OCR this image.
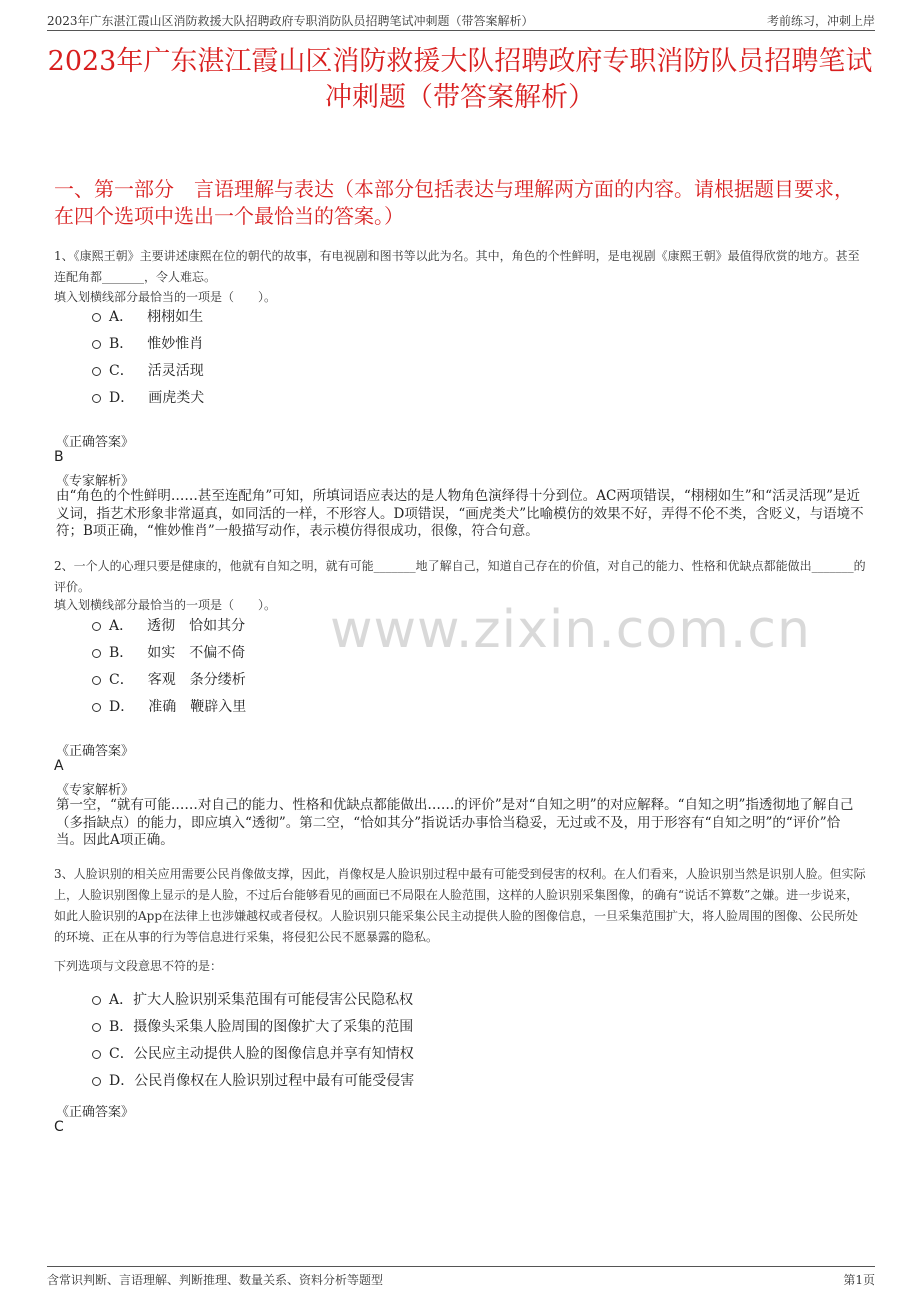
2023年广东湛江霞山区消防救援大队招聘政府专职消防队员招聘笔试冲刺题（带答案解析）	考前练习，冲刺上岸
2023年广东湛江霞山区消防救援大队招聘政府专职消防队员招聘笔试冲刺题（带答案解析）
一、第一部分　言语理解与表达（本部分包括表达与理解两方面的内容。请根据题目要求，在四个选项中选出一个最恰当的答案。）
www.zixin.com.cn
1、《康熙王朝》主要讲述康熙在位的朝代的故事，有电视剧和图书等以此为名。其中，角色的个性鲜明，是电视剧《康熙王朝》最值得欣赏的地方。甚至连配角都_______，令人难忘。
填入划横线部分最恰当的一项是（　　）。
A． 栩栩如生
B． 惟妙惟肖
C． 活灵活现
D． 画虎类犬
《正确答案》
B
《专家解析》
由“角色的个性鲜明……甚至连配角”可知，所填词语应表达的是人物角色演绎得十分到位。AC两项错误，“栩栩如生”和“活灵活现”是近义词，指艺术形象非常逼真，如同活的一样，不形容人。D项错误，“画虎类犬”比喻模仿的效果不好，弄得不伦不类，含贬义，与语境不符；B项正确，“惟妙惟肖”一般描写动作，表示模仿得很成功，很像，符合句意。
2、一个人的心理只要是健康的，他就有自知之明，就有可能_______地了解自己，知道自己存在的价值，对自己的能力、性格和优缺点都能做出_______的评价。
填入划横线部分最恰当的一项是（　　）。
A． 透彻　恰如其分
B． 如实　不偏不倚
C． 客观　条分缕析
D． 准确　鞭辟入里
《正确答案》
A
《专家解析》
第一空，“就有可能……对自己的能力、性格和优缺点都能做出……的评价”是对“自知之明”的对应解释。“自知之明”指透彻地了解自己（多指缺点）的能力，即应填入“透彻”。第二空，“恰如其分”指说话办事恰当稳妥，无过或不及，用于形容有“自知之明”的“评价”恰当。因此A项正确。
3、人脸识别的相关应用需要公民肖像做支撑，因此，肖像权是人脸识别过程中最有可能受到侵害的权利。在人们看来，人脸识别当然是识别人脸。但实际上，人脸识别图像上显示的是人脸，不过后台能够看见的画面已不局限在人脸范围，这样的人脸识别采集图像，的确有“说话不算数”之嫌。进一步说来，如此人脸识别的App在法律上也涉嫌越权或者侵权。人脸识别只能采集公民主动提供人脸的图像信息，一旦采集范围扩大，将人脸周围的图像、公民所处的环境、正在从事的行为等信息进行采集，将侵犯公民不愿暴露的隐私。
下列选项与文段意思不符的是：
A．扩大人脸识别采集范围有可能侵害公民隐私权
B．摄像头采集人脸周围的图像扩大了采集的范围
C．公民应主动提供人脸的图像信息并享有知情权
D．公民肖像权在人脸识别过程中最有可能受侵害
《正确答案》
C
含常识判断、言语理解、判断推理、数量关系、资料分析等题型	第1页
